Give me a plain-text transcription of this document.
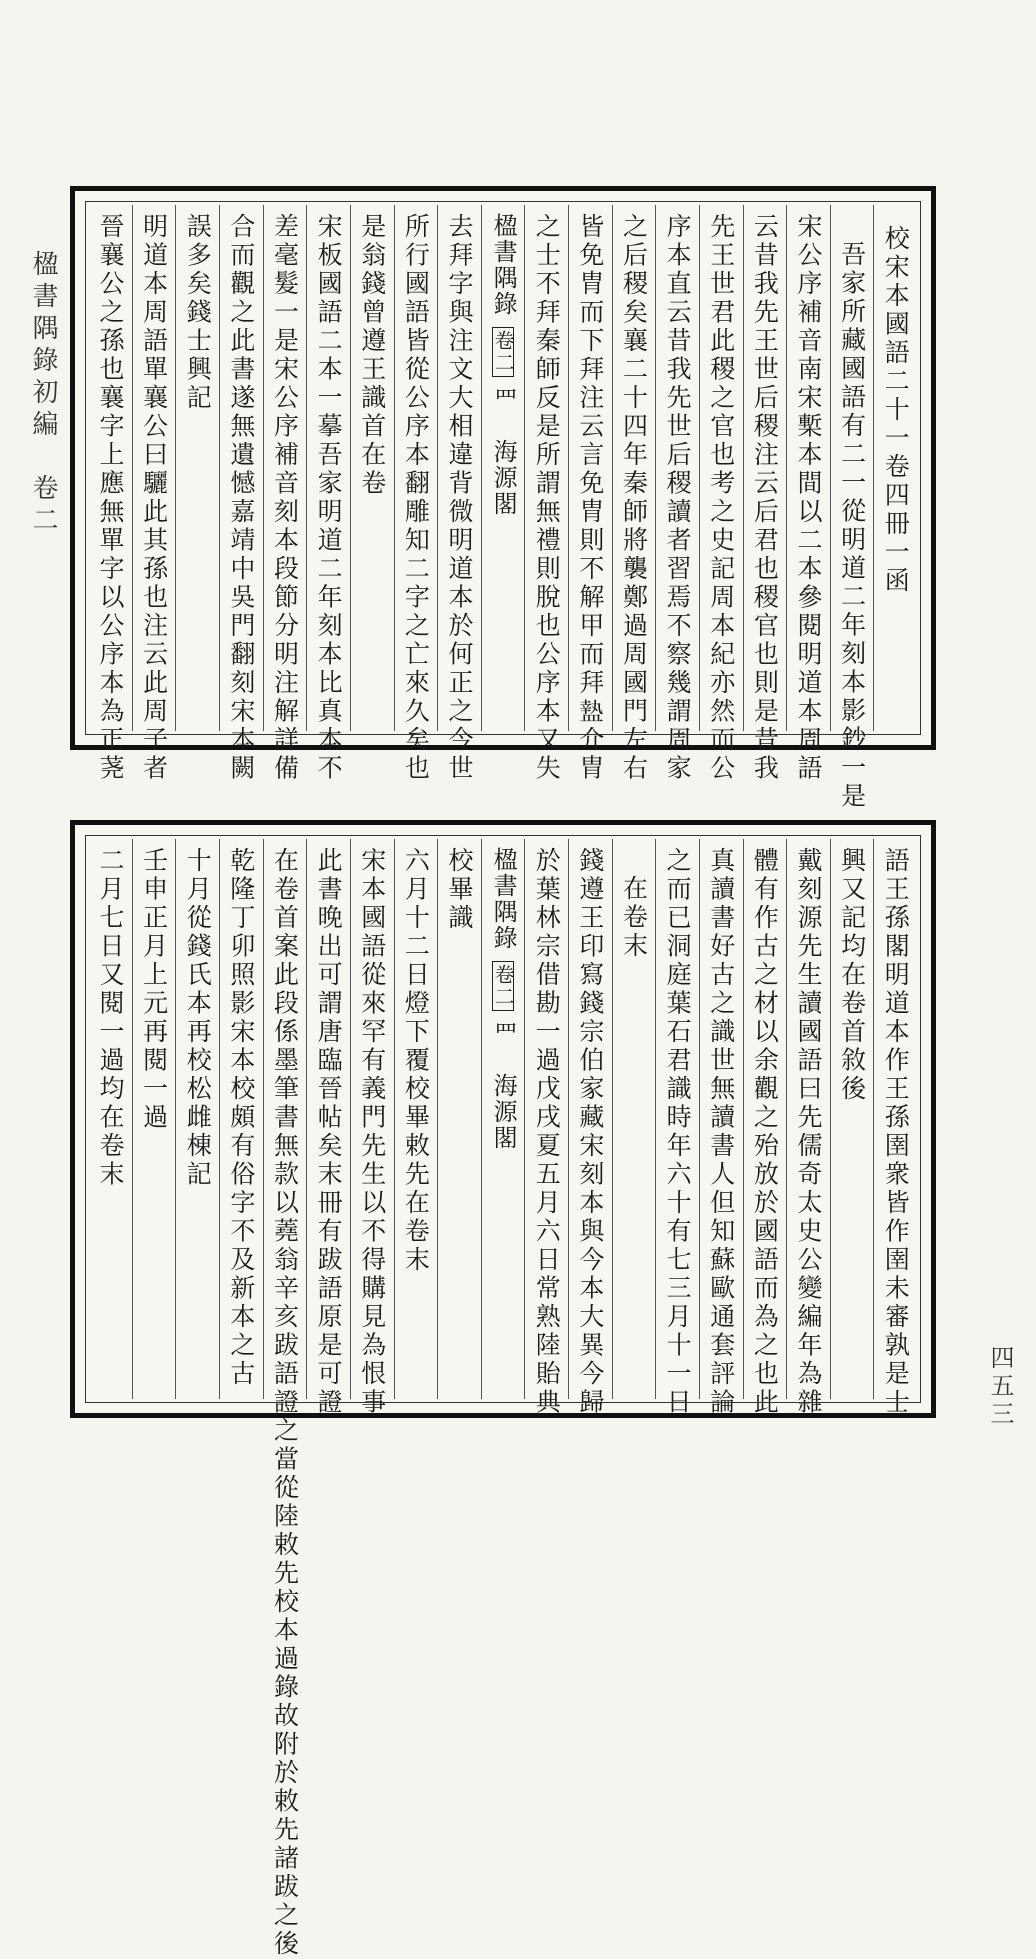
楹書隅錄初編　卷二
四五三
校宋本國語二十一卷四冊一函
吾家所藏國語有二一從明道二年刻本影鈔一是
宋公序補音南宋槧本間以二本參閱明道本周語
云昔我先王世后稷注云后君也稷官也則是昔我
先王世君此稷之官也考之史記周本紀亦然而公
序本直云昔我先世后稷讀者習焉不察幾謂周家
之后稷矣襄二十四年秦師將襲鄭過周國門左右
皆免胄而下拜注云言免胄則不解甲而拜𥂕介胄
之士不拜秦師反是所謂無禮則脫也公序本又失
楹書隅錄卷二罒　海源閣
去拜字與注文大相違背微明道本於何正之今世
所行國語皆從公序本翻雕知二字之亡來久矣也
是翁錢曾遵王識首在卷
宋板國語二本一摹吾家明道二年刻本比真本不
差毫髮一是宋公序補音刻本段節分明注解詳備
合而觀之此書遂無遺憾嘉靖中吳門翻刻宋本闕
誤多矣錢士興記
明道本周語單襄公曰驪此其孫也注云此周子者
晉襄公之孫也襄字上應無單字以公序本為正荛
語王孫閣明道本作王孫圉衆皆作圉未審孰是士
興又記均在卷首敘後
戴刻源先生讀國語曰先儒奇太史公變編年為雜
體有作古之材以余觀之殆放於國語而為之也此
真讀書好古之識世無讀書人但知蘇歐通套評論
之而已洞庭葉石君識時年六十有七三月十一日
在卷末
錢遵王印寫錢宗伯家藏宋刻本與今本大異今歸
於葉林宗借勘一過戊戌夏五月六日常熟陸貽典
楹書隅錄卷二罒　海源閣
校畢識
六月十二日燈下覆校畢敕先在卷末
宋本國語從來罕有義門先生以不得購見為恨事
此書晚出可謂唐臨晉帖矣末冊有跋語原是可證
在卷首案此段係墨筆書無款以蕘翁辛亥跋語證之當從陸敕先校本過錄故附於敕先諸跋之後
乾隆丁卯照影宋本校頗有俗字不及新本之古
十月從錢氏本再校松雌棟記
壬申正月上元再閱一過
二月七日又閱一過均在卷末
